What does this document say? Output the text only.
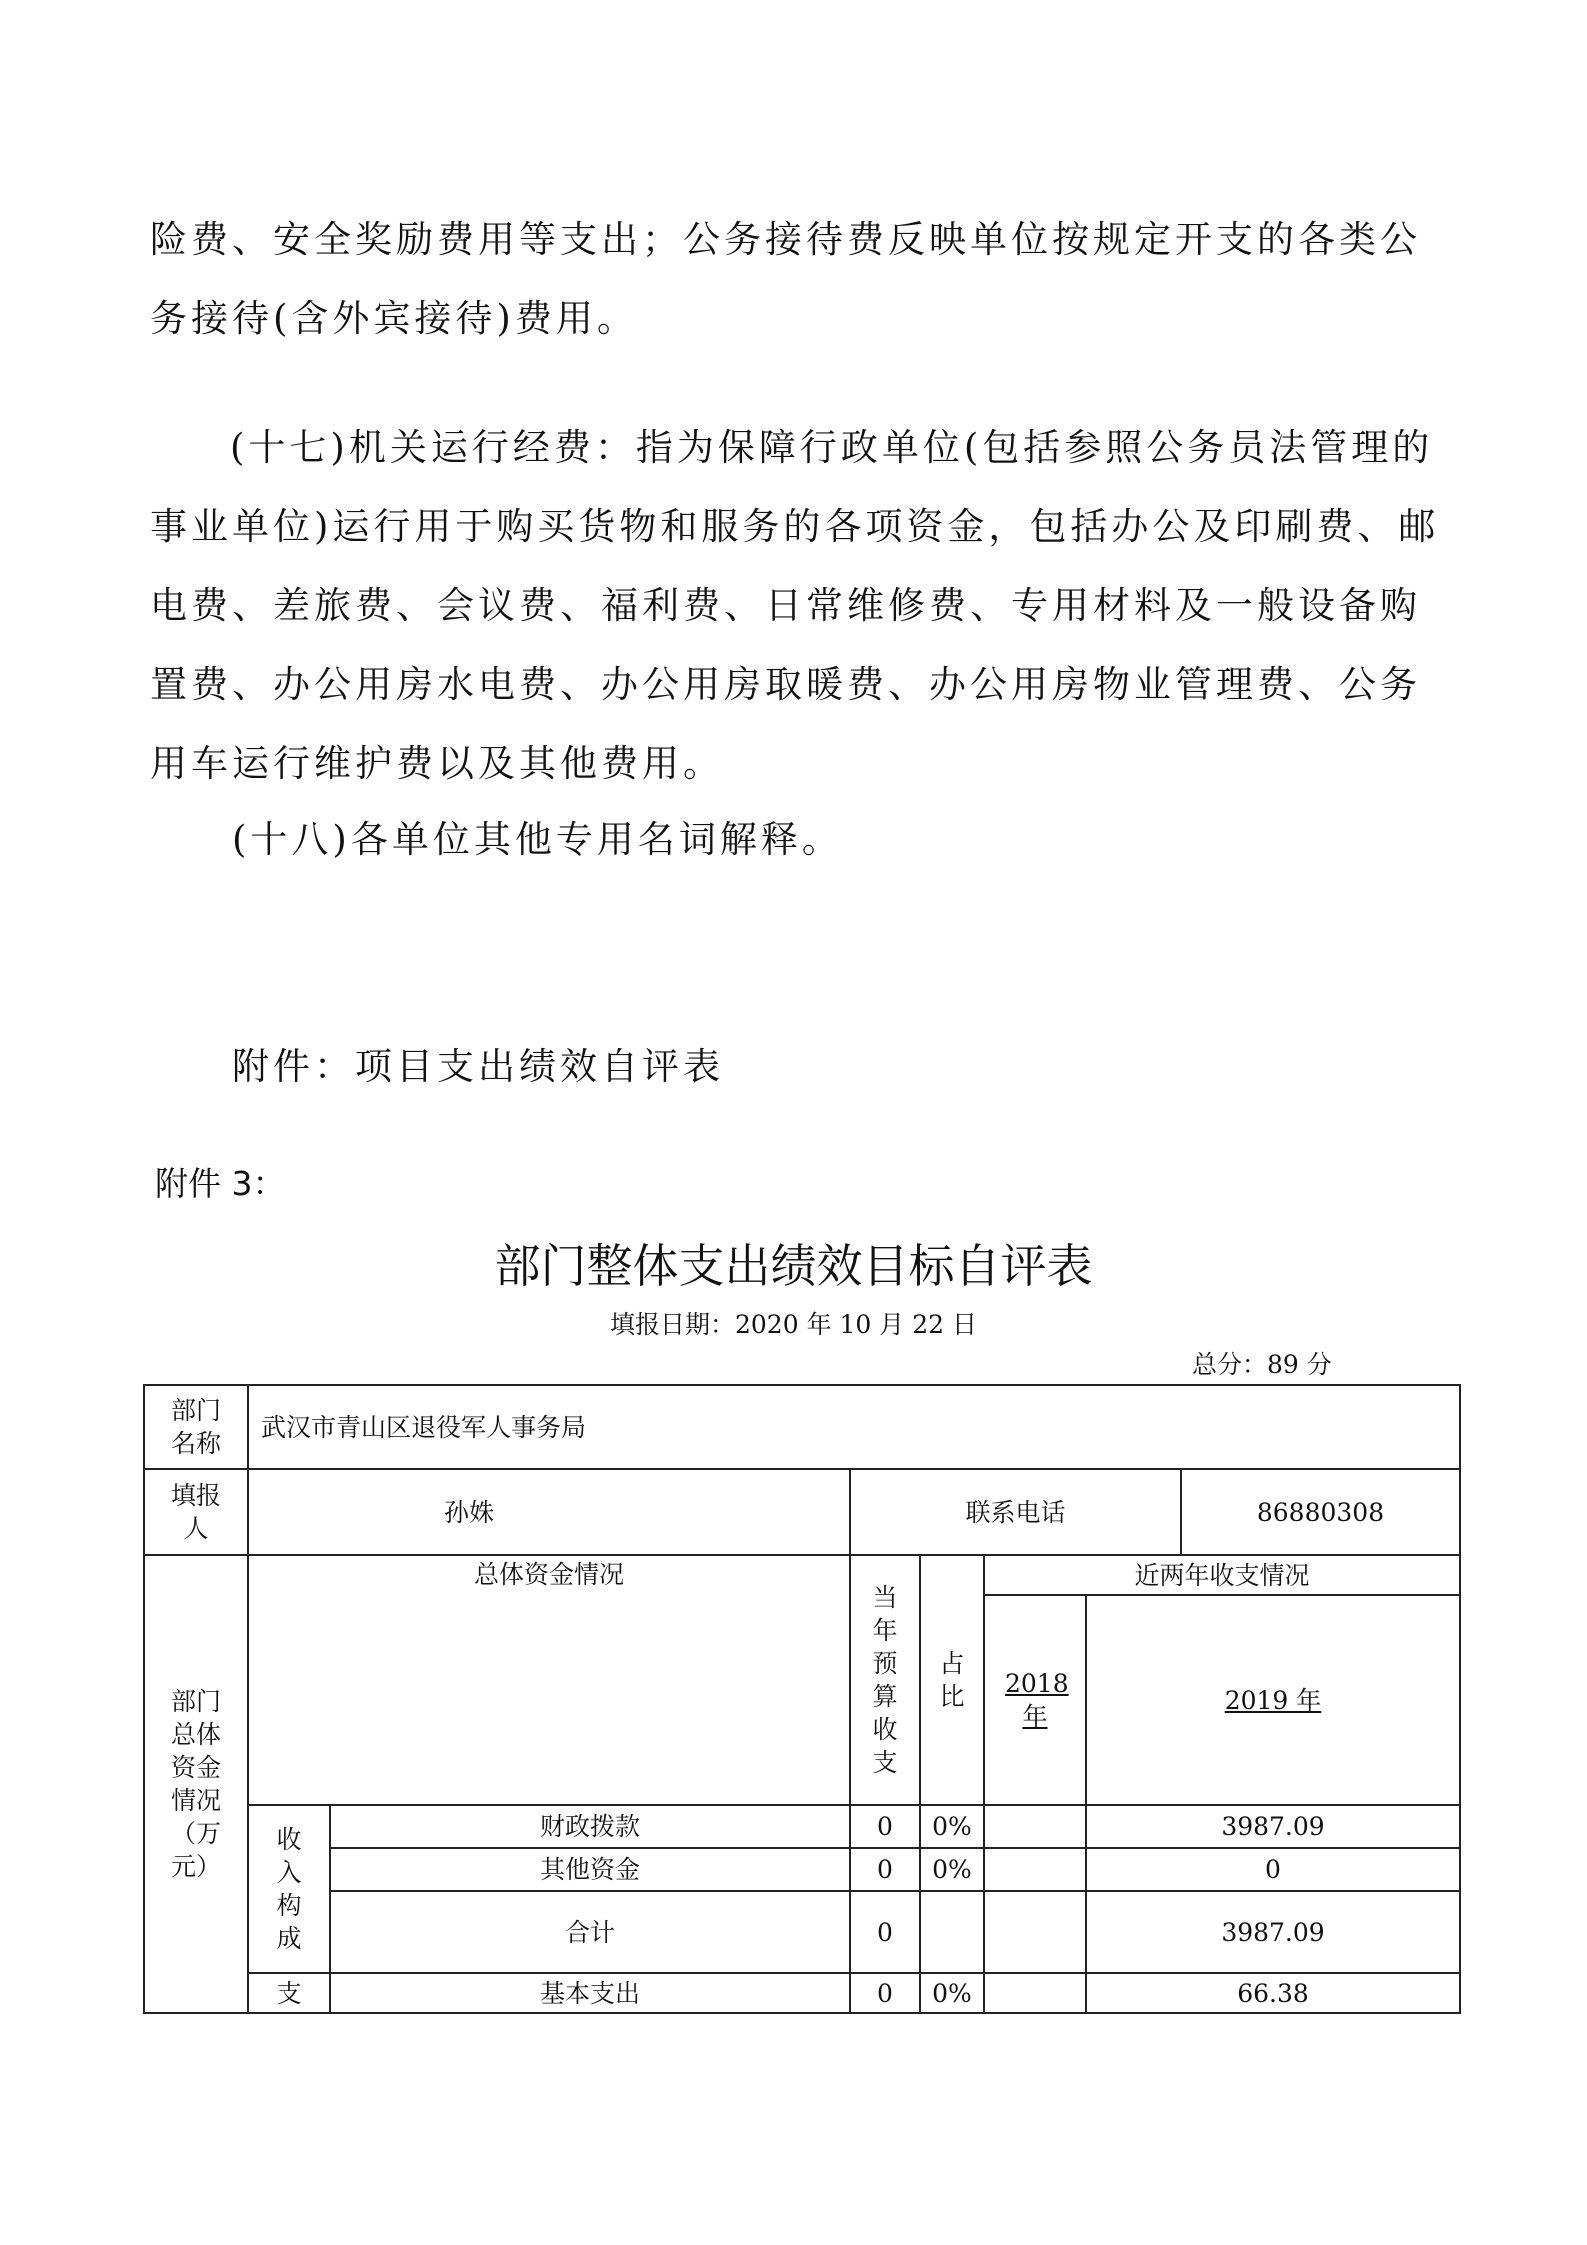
险费、安全奖励费用等支出；公务接待费反映单位按规定开支的各类公务接待(含外宾接待)费用。
(十七)机关运行经费：指为保障行政单位(包括参照公务员法管理的事业单位)运行用于购买货物和服务的各项资金，包括办公及印刷费、邮电费、差旅费、会议费、福利费、日常维修费、专用材料及一般设备购置费、办公用房水电费、办公用房取暖费、办公用房物业管理费、公务用车运行维护费以及其他费用。
(十八)各单位其他专用名词解释。
附件：项目支出绩效自评表
附件 3：
部门整体支出绩效目标自评表
填报日期：2020 年 10 月 22 日
总分：89 分
部门名称	武汉市青山区退役军人事务局					

填报人	孙姝		联系电话 86880308			

部门总体资金情况（万元）	总体资金情况		当年预算收支	占比	近两年收支情况	

					2018年	2019 年

	收入构成	财政拨款	0	0%		3987.09
		其他资金	0	0%		0
		合计	0			3987.09
	支	基本支出	0	0%		66.38
